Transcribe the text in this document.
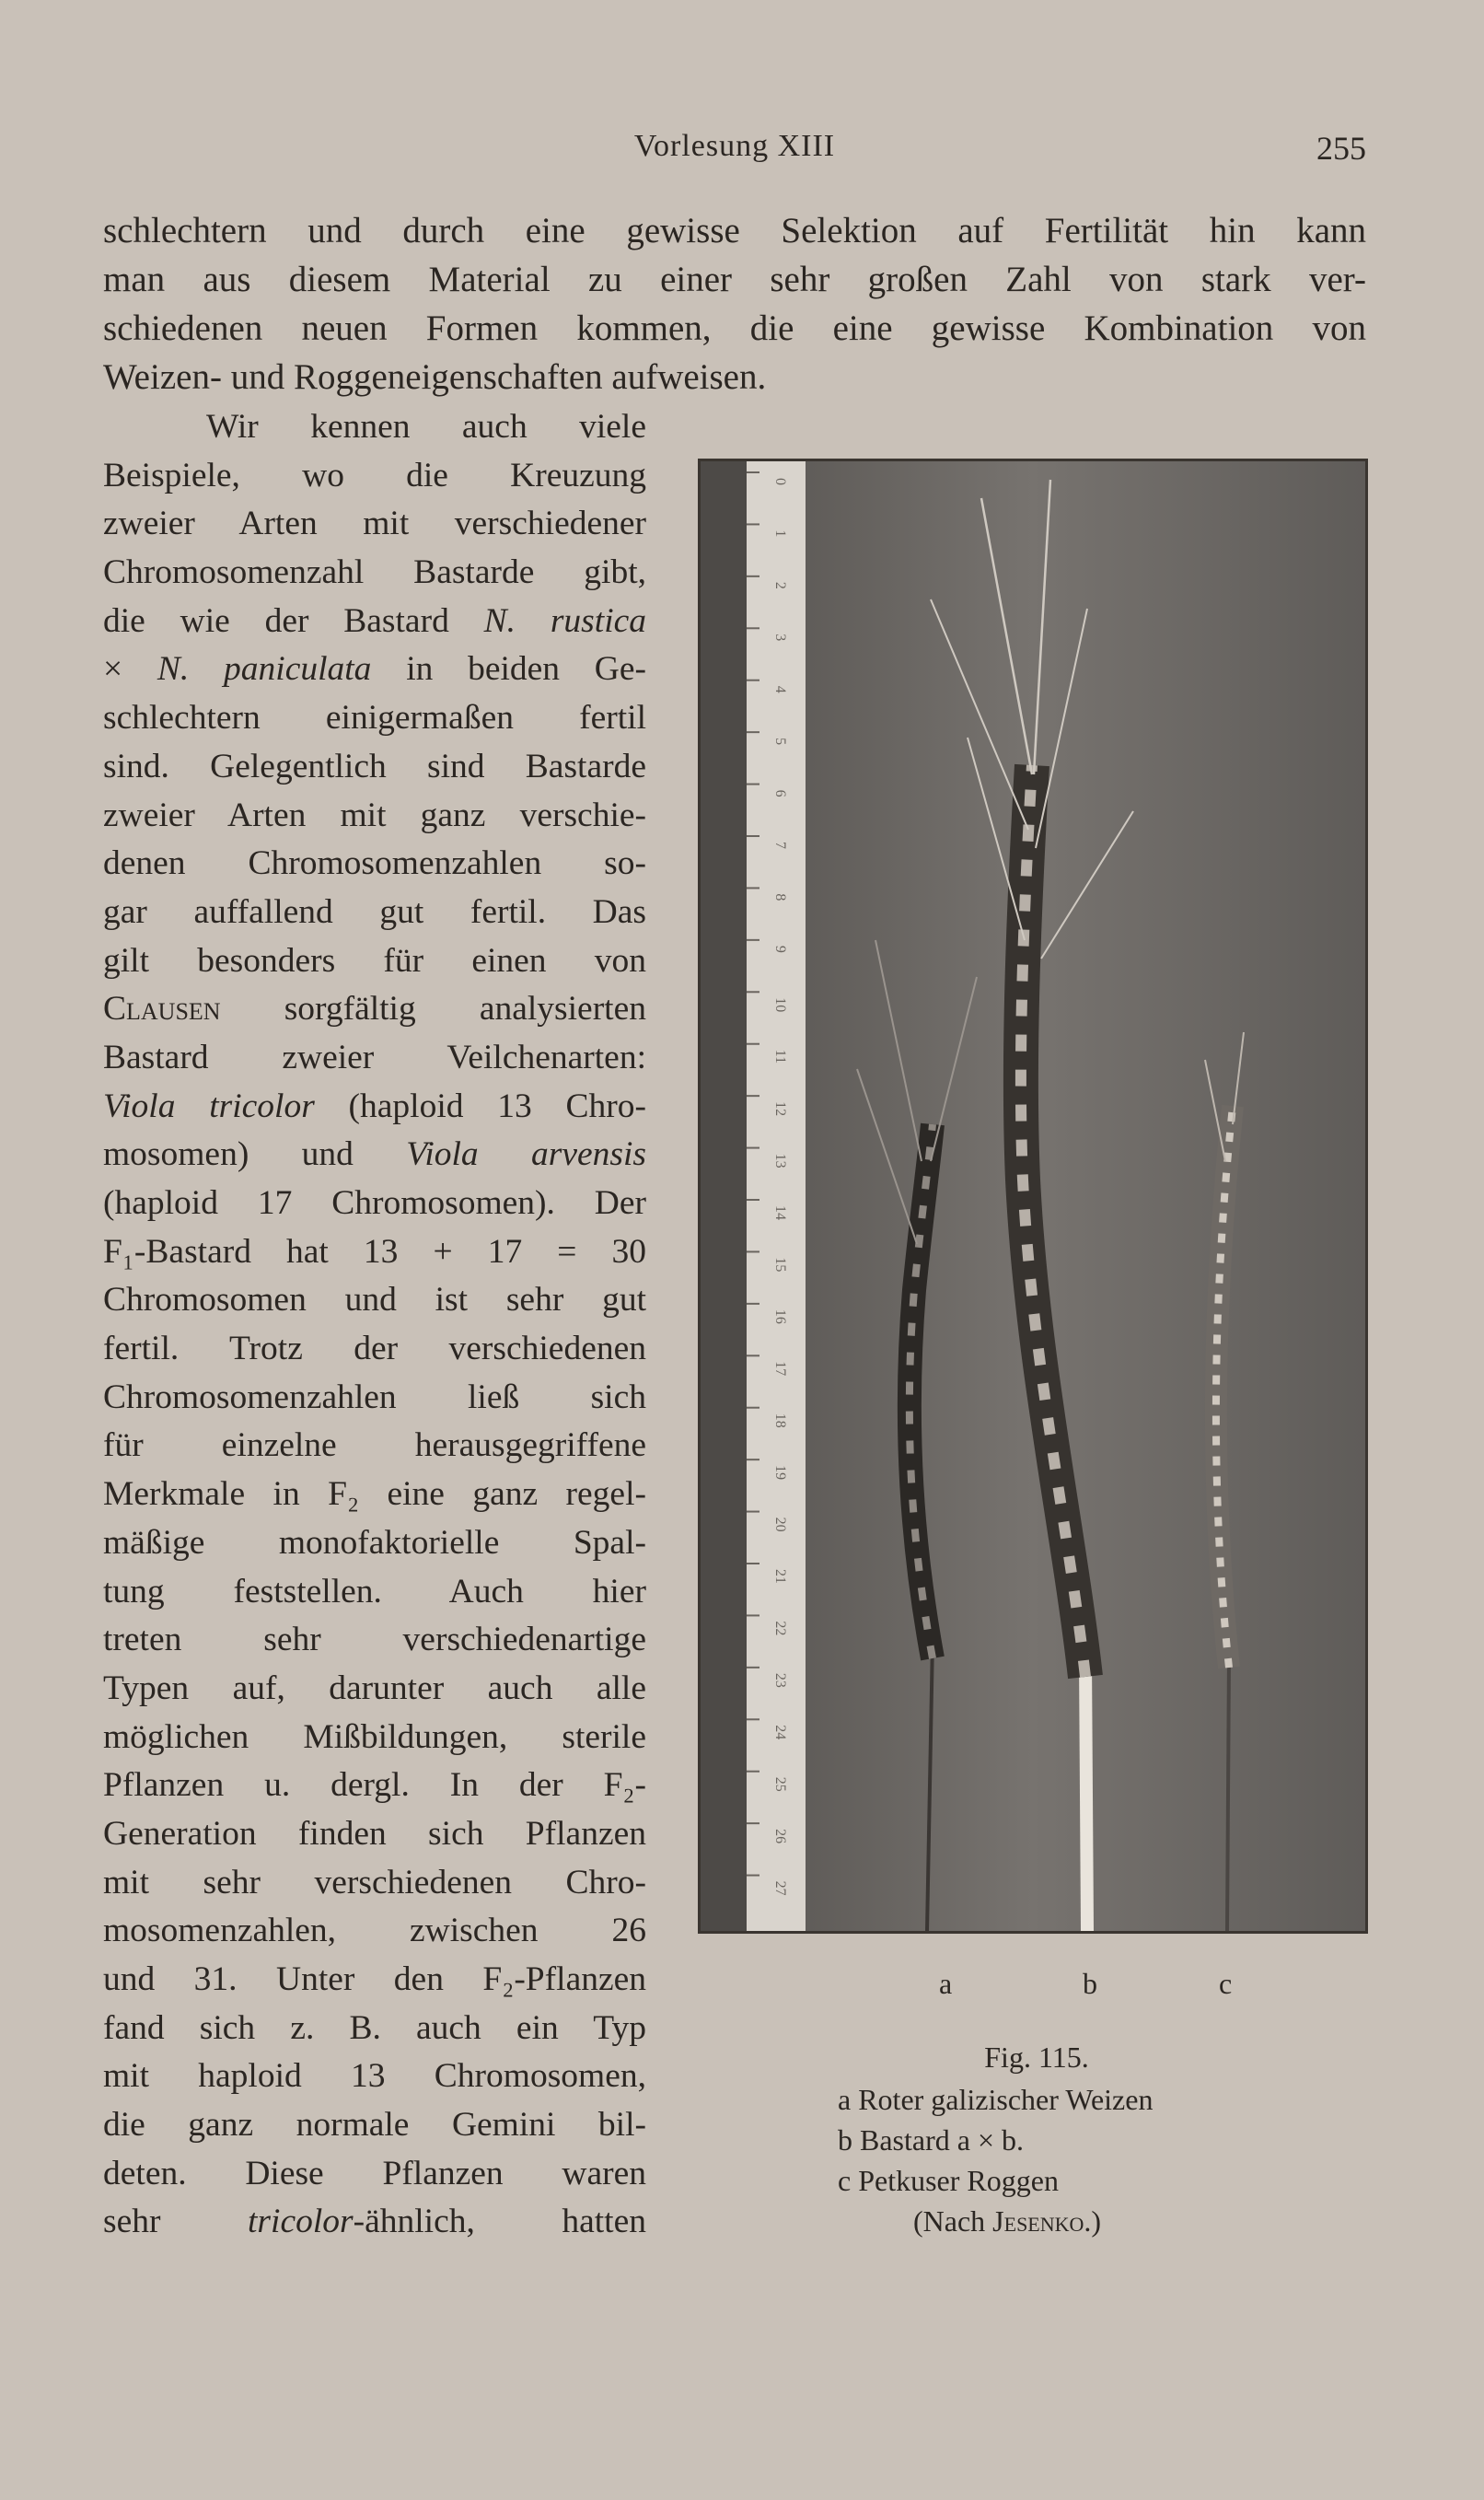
Vorlesung XIII	255
schlechtern und durch eine gewisse Selektion auf Fertilität hin kann
man aus diesem Material zu einer sehr großen Zahl von stark ver-
schiedenen neuen Formen kommen, die eine gewisse Kombination von
Weizen- und Roggeneigenschaften aufweisen.
Wir kennen auch viele
Beispiele, wo die Kreuzung
zweier Arten mit verschiedener
Chromosomenzahl Bastarde gibt,
die wie der Bastard N. rustica
× N. paniculata in beiden Ge-
schlechtern einigermaßen fertil
sind. Gelegentlich sind Bastarde
zweier Arten mit ganz verschie-
denen Chromosomenzahlen so-
gar auffallend gut fertil. Das
gilt besonders für einen von
Clausen sorgfältig analysierten
Bastard zweier Veilchenarten:
Viola tricolor (haploid 13 Chro-
mosomen) und Viola arvensis
(haploid 17 Chromosomen). Der
F₁-Bastard hat 13 + 17 = 30
Chromosomen und ist sehr gut
fertil. Trotz der verschiedenen
Chromosomenzahlen ließ sich
für einzelne herausgegriffene
Merkmale in F₂ eine ganz regel-
mäßige monofaktorielle Spal-
tung feststellen. Auch hier
treten sehr verschiedenartige
Typen auf, darunter auch alle
möglichen Mißbildungen, sterile
Pflanzen u. dergl. In der F₂-
Generation finden sich Pflanzen
mit sehr verschiedenen Chro-
mosomenzahlen, zwischen 26
und 31. Unter den F₂-Pflanzen
fand sich z. B. auch ein Typ
mit haploid 13 Chromosomen,
die ganz normale Gemini bil-
deten. Diese Pflanzen waren
sehr	tricolor-ähnlich, hatten
0
1
2
3
4
5
6
7
8
9
10
11
12
13
14
15
16
17
18
19
20
21
22
23
24
25
26
27
a	b	c
Fig. 115.
a Roter galizischer Weizen
b Bastard a × b.
c Petkuser Roggen
(Nach Jesenko.)
